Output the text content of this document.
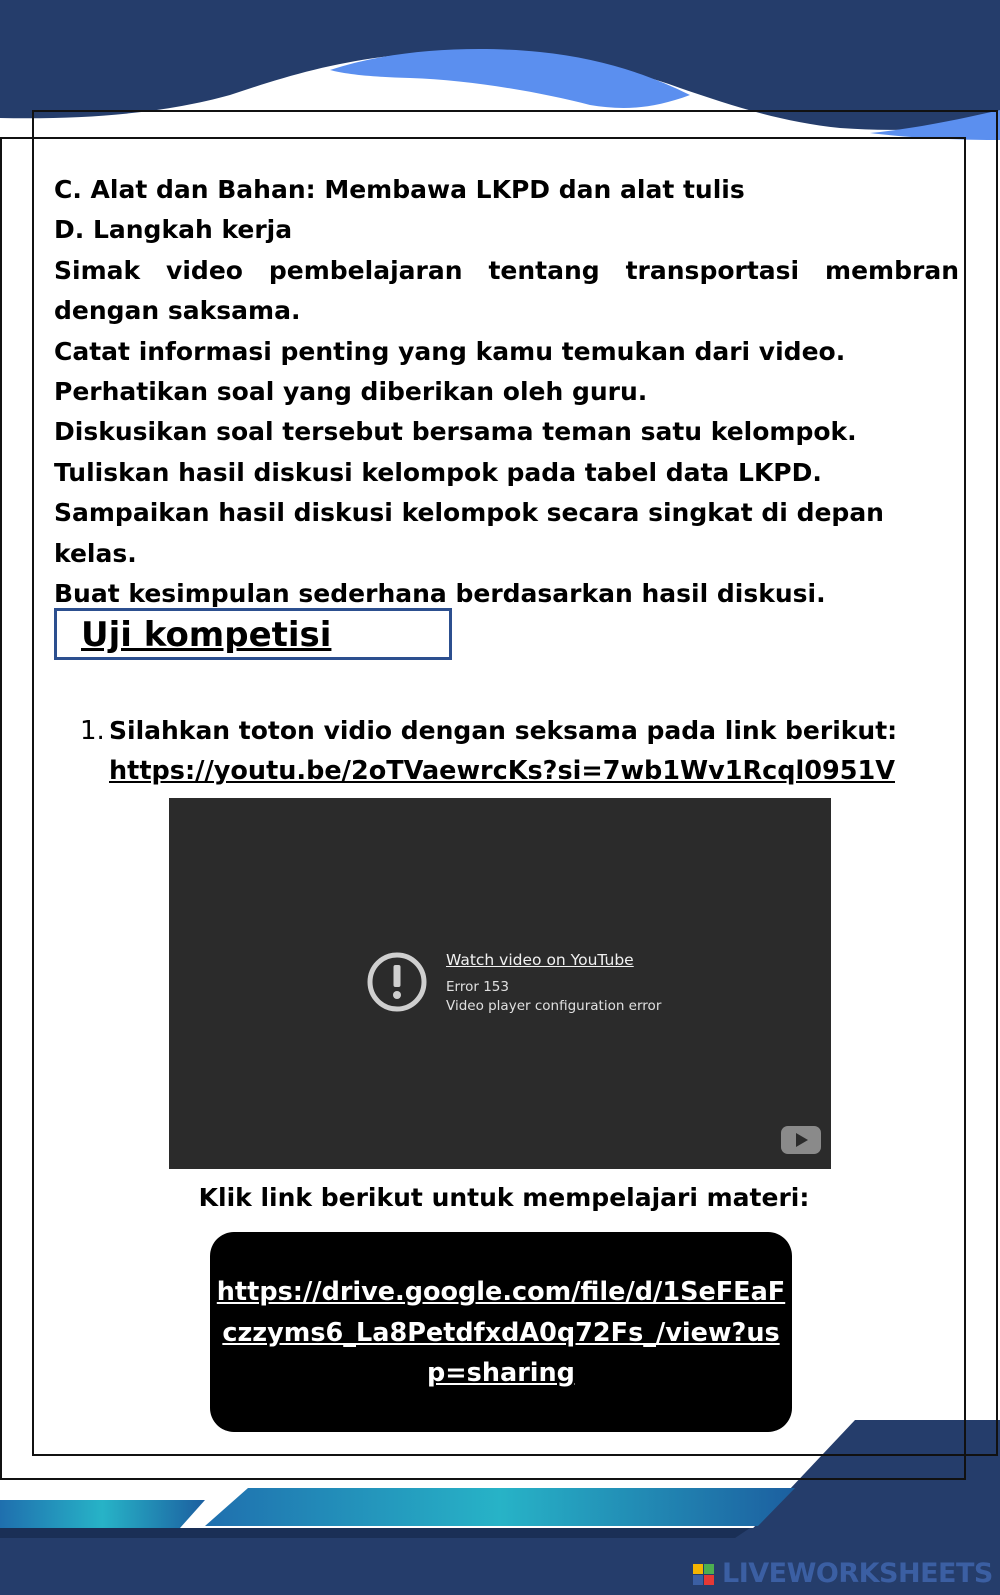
C. Alat dan Bahan: Membawa LKPD dan alat tulis

D. Langkah kerja

Simak video pembelajaran tentang transportasi membran dengan saksama.

Catat informasi penting yang kamu temukan dari video.

Perhatikan soal yang diberikan oleh guru.

Diskusikan soal tersebut bersama teman satu kelompok.

Tuliskan hasil diskusi kelompok pada tabel data LKPD.

Sampaikan hasil diskusi kelompok secara singkat di depan kelas.

Buat kesimpulan sederhana berdasarkan hasil diskusi.

Uji kompetisi
1. Silahkan toton vidio dengan seksama pada link berikut:
https://youtu.be/2oTVaewrcKs?si=7wb1Wv1Rcql0951V
Watch video on YouTube
Error 153
Video player configuration error
Klik link berikut untuk mempelajari materi:
https://drive.google.com/file/d/1SeFEaFczzyms6_La8PetdfxdA0q72Fs_/view?usp=sharing
LIVEWORKSHEETS
